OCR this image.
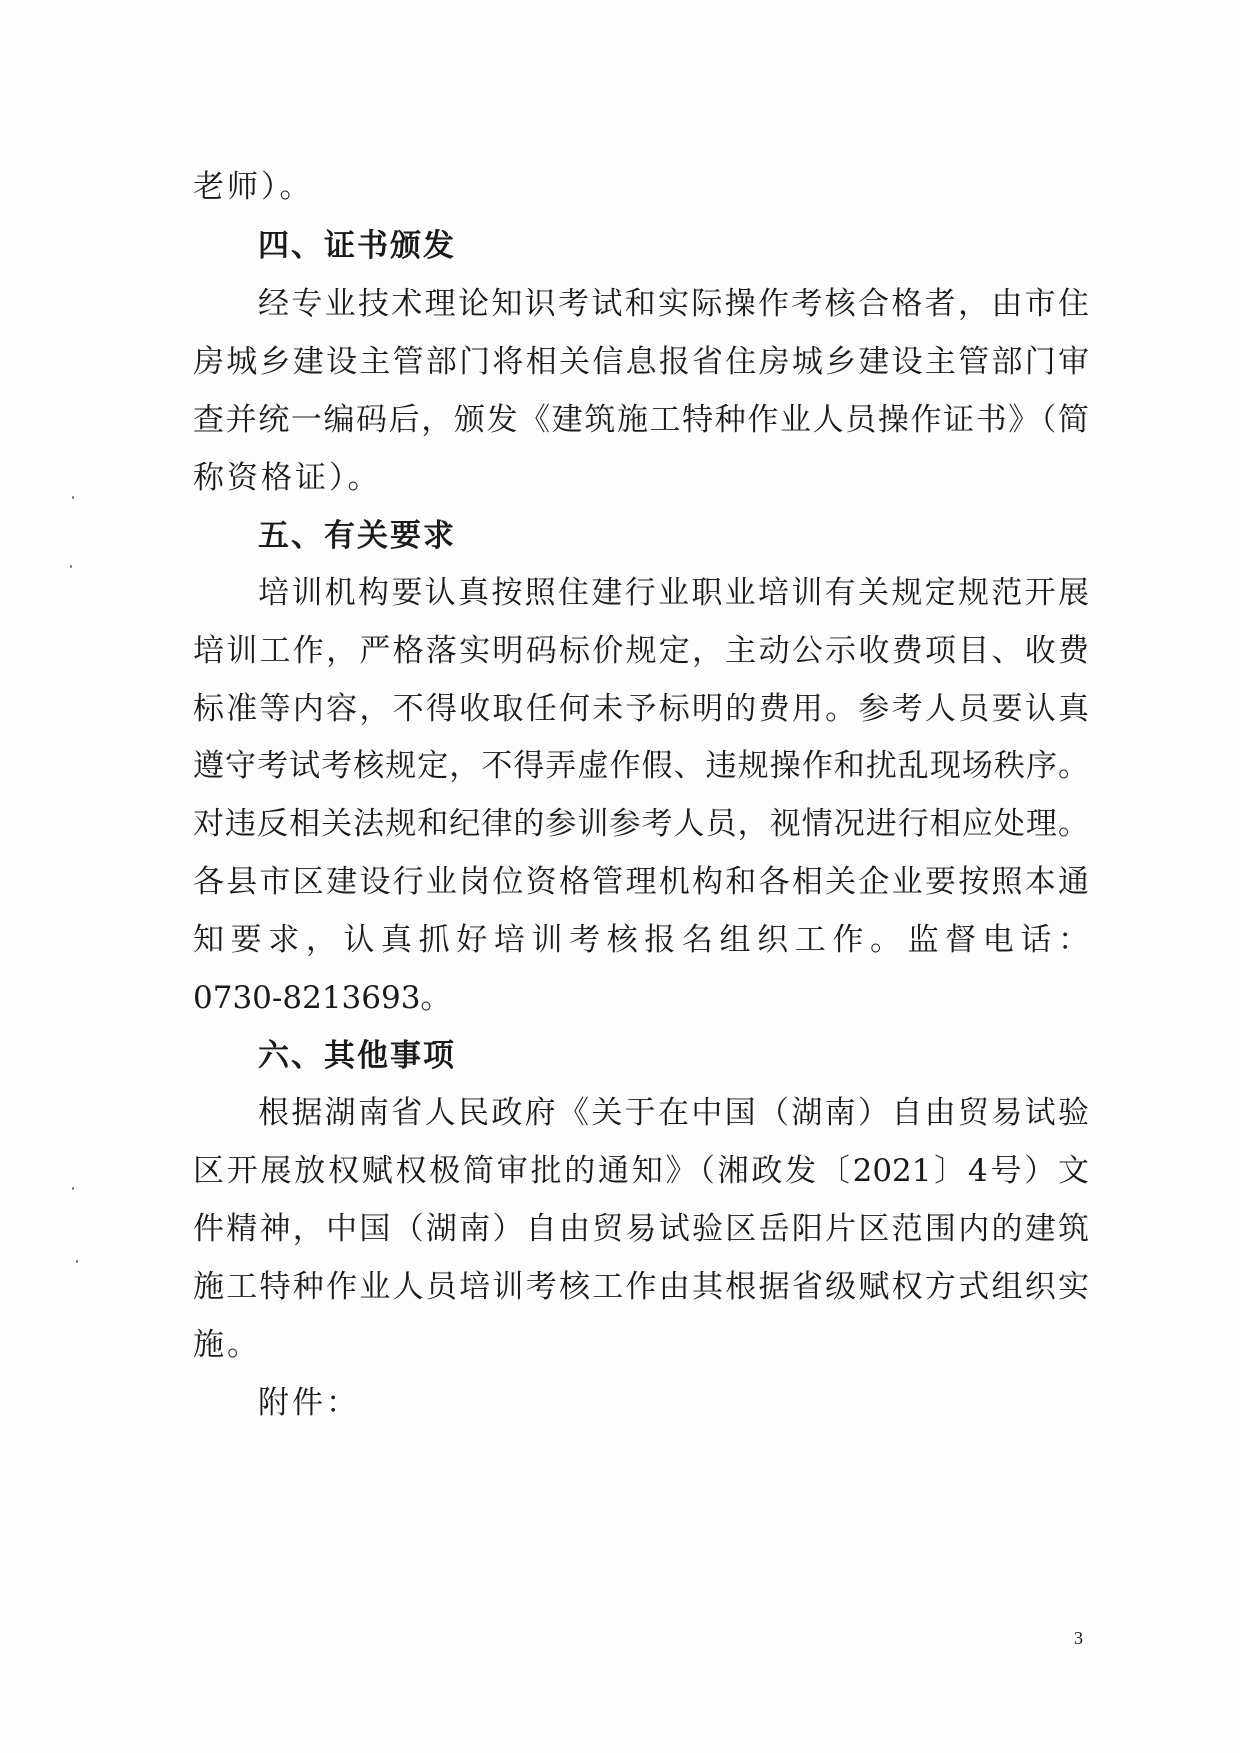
老师）。
四、证书颁发
经专业技术理论知识考试和实际操作考核合格者，由市住
房城乡建设主管部门将相关信息报省住房城乡建设主管部门审
查并统一编码后，颁发《建筑施工特种作业人员操作证书》（简
称资格证）。
五、有关要求
培训机构要认真按照住建行业职业培训有关规定规范开展
培训工作，严格落实明码标价规定，主动公示收费项目、收费
标准等内容，不得收取任何未予标明的费用。参考人员要认真
遵守考试考核规定，不得弄虚作假、违规操作和扰乱现场秩序。
对违反相关法规和纪律的参训参考人员，视情况进行相应处理。
各县市区建设行业岗位资格管理机构和各相关企业要按照本通
知要求，认真抓好培训考核报名组织工作。监督电话：
0730-8213693。
六、其他事项
根据湖南省人民政府《关于在中国（湖南）自由贸易试验
区开展放权赋权极简审批的通知》（湘政发〔2021〕4号）文
件精神，中国（湖南）自由贸易试验区岳阳片区范围内的建筑
施工特种作业人员培训考核工作由其根据省级赋权方式组织实
施。
附件：
3
